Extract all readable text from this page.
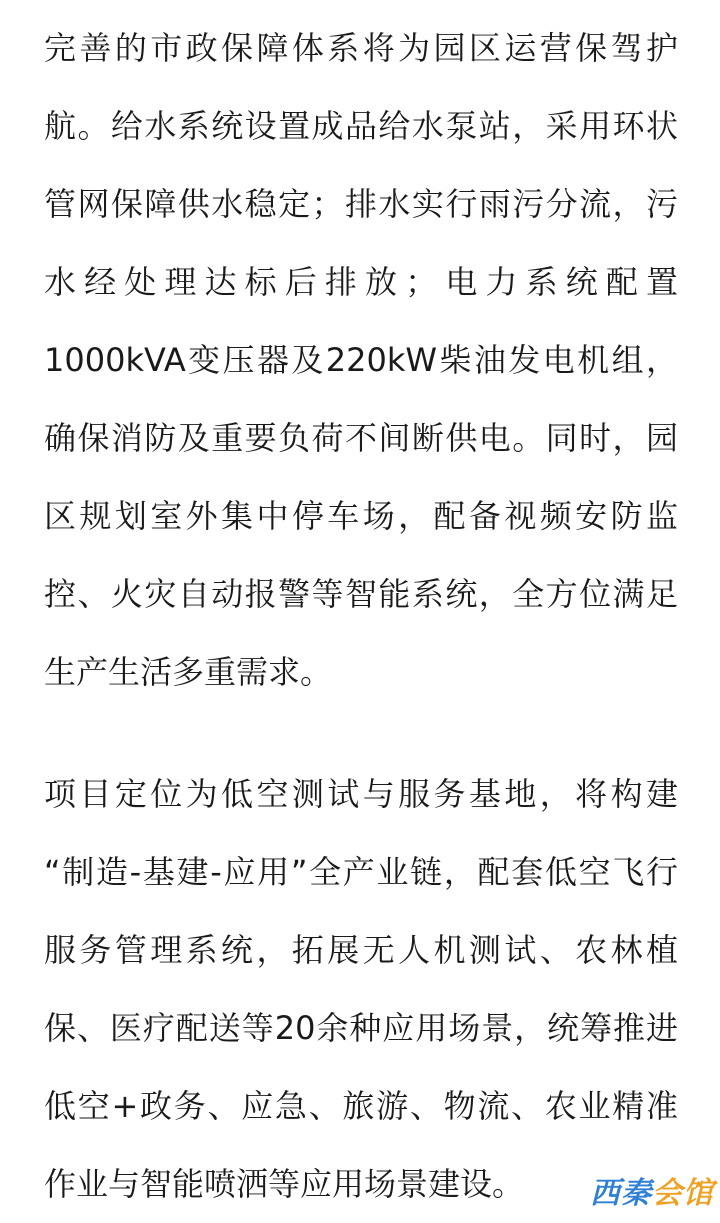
完善的市政保障体系将为园区运营保驾护
航。给水系统设置成品给水泵站，采用环状
管网保障供水稳定；排水实行雨污分流，污
水经处理达标后排放；电力系统配置
1000kVA变压器及220kW柴油发电机组，
确保消防及重要负荷不间断供电。同时，园
区规划室外集中停车场，配备视频安防监
控、火灾自动报警等智能系统，全方位满足
生产生活多重需求。
项目定位为低空测试与服务基地，将构建
“制造-基建-应用”全产业链，配套低空飞行
服务管理系统，拓展无人机测试、农林植
保、医疗配送等20余种应用场景，统筹推进
低空+政务、应急、旅游、物流、农业精准
作业与智能喷洒等应用场景建设。	西秦会馆
